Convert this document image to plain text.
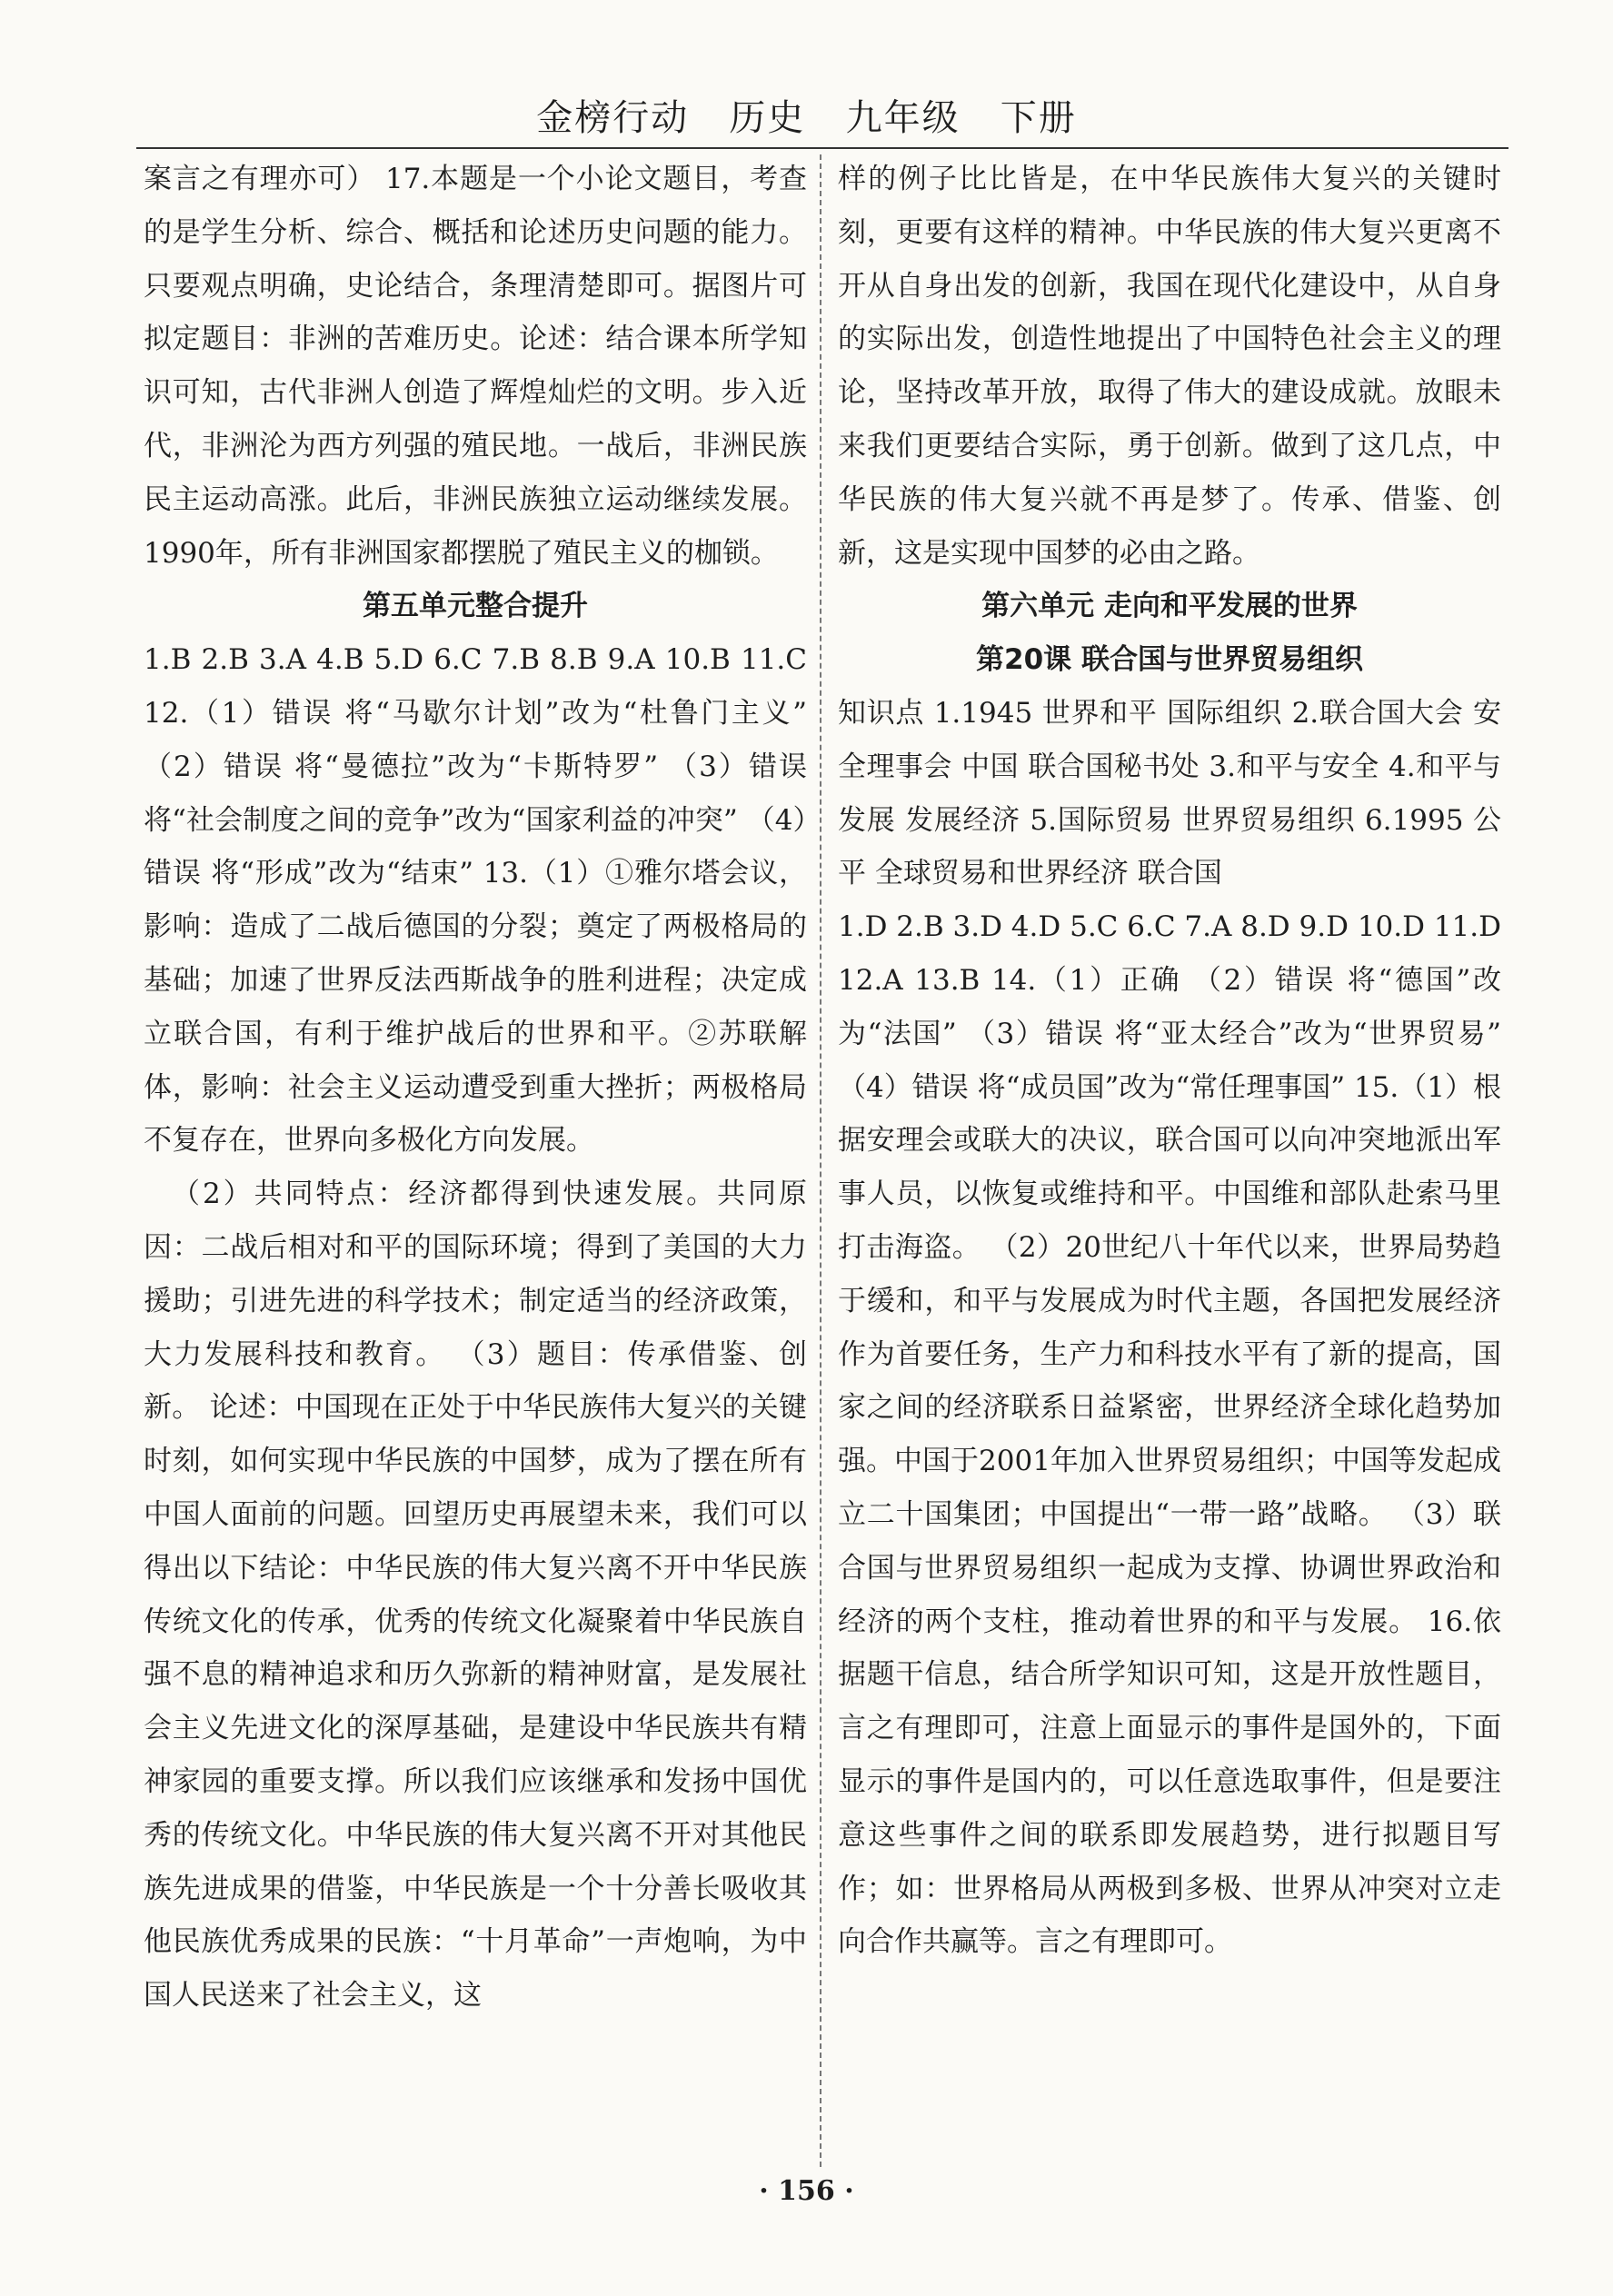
金榜行动   历史   九年级   下册

案言之有理亦可） 17.本题是一个小论文题目，考查的是学生分析、综合、概括和论述历史问题的能力。只要观点明确，史论结合，条理清楚即可。据图片可拟定题目：非洲的苦难历史。论述：结合课本所学知识可知，古代非洲人创造了辉煌灿烂的文明。步入近代，非洲沦为西方列强的殖民地。一战后，非洲民族民主运动高涨。此后，非洲民族独立运动继续发展。1990年，所有非洲国家都摆脱了殖民主义的枷锁。

第五单元整合提升

1.B 2.B 3.A 4.B 5.D 6.C 7.B 8.B 9.A 10.B 11.C 12.（1）错误 将“马歇尔计划”改为“杜鲁门主义” （2）错误 将“曼德拉”改为“卡斯特罗” （3）错误 将“社会制度之间的竞争”改为“国家利益的冲突” （4）错误 将“形成”改为“结束” 13.（1）①雅尔塔会议，影响：造成了二战后德国的分裂；奠定了两极格局的基础；加速了世界反法西斯战争的胜利进程；决定成立联合国，有利于维护战后的世界和平。②苏联解体，影响：社会主义运动遭受到重大挫折；两极格局不复存在，世界向多极化方向发展。

（2）共同特点：经济都得到快速发展。共同原因：二战后相对和平的国际环境；得到了美国的大力援助；引进先进的科学技术；制定适当的经济政策，大力发展科技和教育。 （3）题目：传承借鉴、创新。 论述：中国现在正处于中华民族伟大复兴的关键时刻，如何实现中华民族的中国梦，成为了摆在所有中国人面前的问题。回望历史再展望未来，我们可以得出以下结论：中华民族的伟大复兴离不开中华民族传统文化的传承，优秀的传统文化凝聚着中华民族自强不息的精神追求和历久弥新的精神财富，是发展社会主义先进文化的深厚基础，是建设中华民族共有精神家园的重要支撑。所以我们应该继承和发扬中国优秀的传统文化。中华民族的伟大复兴离不开对其他民族先进成果的借鉴，中华民族是一个十分善长吸收其他民族优秀成果的民族：“十月革命”一声炮响，为中国人民送来了社会主义，这

样的例子比比皆是，在中华民族伟大复兴的关键时刻，更要有这样的精神。中华民族的伟大复兴更离不开从自身出发的创新，我国在现代化建设中，从自身的实际出发，创造性地提出了中国特色社会主义的理论，坚持改革开放，取得了伟大的建设成就。放眼未来我们更要结合实际，勇于创新。做到了这几点，中华民族的伟大复兴就不再是梦了。传承、借鉴、创新，这是实现中国梦的必由之路。

第六单元 走向和平发展的世界
第20课 联合国与世界贸易组织

知识点 1.1945 世界和平 国际组织 2.联合国大会 安全理事会 中国 联合国秘书处 3.和平与安全 4.和平与发展 发展经济 5.国际贸易 世界贸易组织 6.1995 公平 全球贸易和世界经济 联合国

1.D 2.B 3.D 4.D 5.C 6.C 7.A 8.D 9.D 10.D 11.D 12.A 13.B 14.（1）正确 （2）错误 将“德国”改为“法国” （3）错误 将“亚太经合”改为“世界贸易” （4）错误 将“成员国”改为“常任理事国” 15.（1）根据安理会或联大的决议，联合国可以向冲突地派出军事人员，以恢复或维持和平。中国维和部队赴索马里打击海盗。 （2）20世纪八十年代以来，世界局势趋于缓和，和平与发展成为时代主题，各国把发展经济作为首要任务，生产力和科技水平有了新的提高，国家之间的经济联系日益紧密，世界经济全球化趋势加强。中国于2001年加入世界贸易组织；中国等发起成立二十国集团；中国提出“一带一路”战略。 （3）联合国与世界贸易组织一起成为支撑、协调世界政治和经济的两个支柱，推动着世界的和平与发展。 16.依据题干信息，结合所学知识可知，这是开放性题目，言之有理即可，注意上面显示的事件是国外的，下面显示的事件是国内的，可以任意选取事件，但是要注意这些事件之间的联系即发展趋势，进行拟题目写作；如：世界格局从两极到多极、世界从冲突对立走向合作共赢等。言之有理即可。

· 156 ·
